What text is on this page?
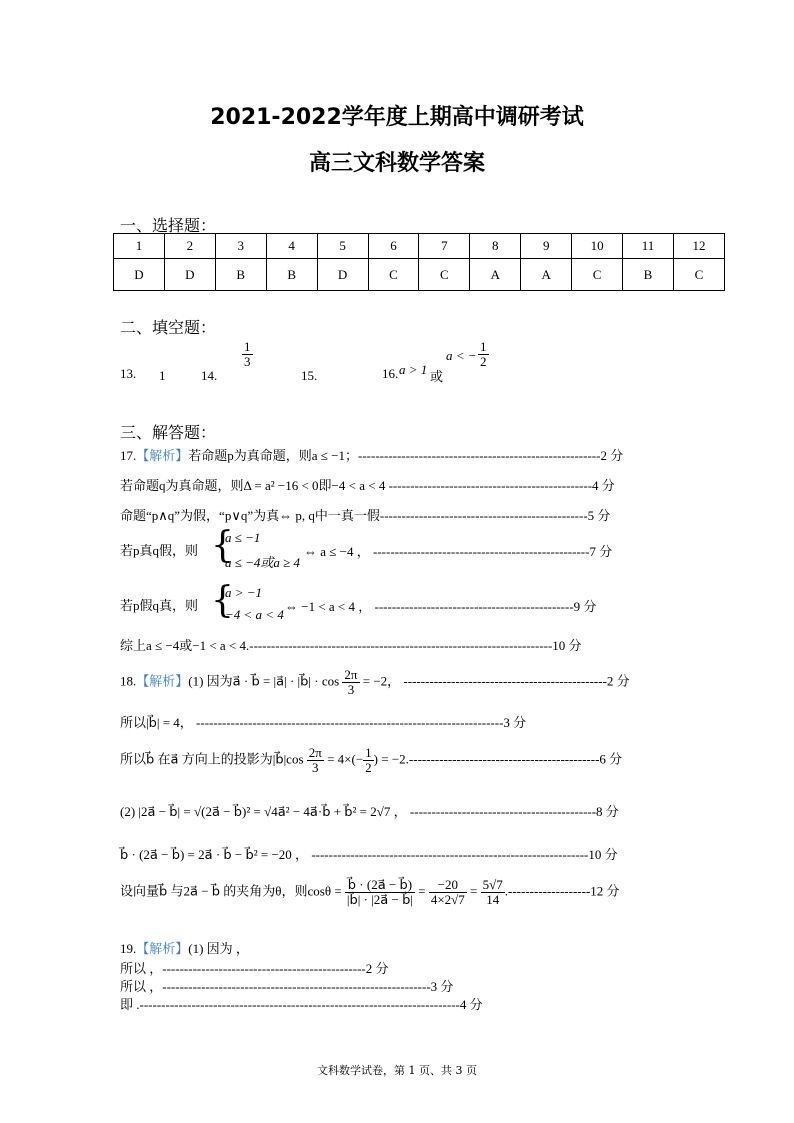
2021-2022学年度上期高中调研考试
高三文科数学答案
一、选择题：
1	2	3	4	5	6	7	8	9	10	11	12
D	D	B	B	D	C	C	A	A	C	B	C
二、填空题：
13. 1	14.
$\frac{1}{3}$
15.	16. a > 1 或
a < − $\frac{1}{2}$
三、解答题：
17.【解析】若命题p为真命题，则a ≤ −1；--------------------------------------------------------2 分
若命题q为真命题，则Δ = a² −16 < 0即−4 < a < 4 -----------------------------------------------4 分
命题“p∧q”为假，“p∨q”为真⇔ p, q中一真一假------------------------------------------------5 分
若p真q假，则 {
a ≤ −1
a ≤ −4或a ≥ 4
⇔ a ≤ −4 ， --------------------------------------------------7 分
若p假q真，则 {
a > −1
−4 < a < 4
⇔ −1 < a < 4 ， ----------------------------------------------9 分
综上a ≤ −4或−1 < a < 4.----------------------------------------------------------------------10 分
18.【解析】(1) 因为a⃗ · b⃗ = |a⃗| · |b⃗| · $\cos \frac{2\pi}{3} = -2$， -----------------------------------------------2 分
所以|b⃗| = 4， -----------------------------------------------------------------------3 分
所以b⃗ 在a⃗ 方向上的投影为|b⃗|cos $\frac{2\pi}{3} = 4\times(- \frac{1}{2}$ ) = −2.--------------------------------------------6 分
(2) |2a⃗ − b⃗| = √(2a⃗ − b⃗)² = √4a⃗² − 4a⃗·b⃗ + b⃗² = 2√7 ， -------------------------------------------8 分
b⃗ · (2a⃗ − b⃗) = 2a⃗ · b⃗ − b⃗² = −20 ， ----------------------------------------------------------------10 分
设向量b⃗ 与2a⃗ − b⃗ 的夹角为θ，则$\cos\theta = \frac{b⃗ \cdot (2a⃗ - b⃗)}{|b⃗| \cdot |2a⃗ - b⃗|} = \frac{-20}{4\times 2√7} = \frac{5√7}{14} .-------------------12$ 分
19.【解析】(1) 因为 ，
所以 ，-----------------------------------------------2 分
所以 ，--------------------------------------------------------------3 分
即 .--------------------------------------------------------------------------4 分
文科数学试卷，第 1 页、共 3 页
